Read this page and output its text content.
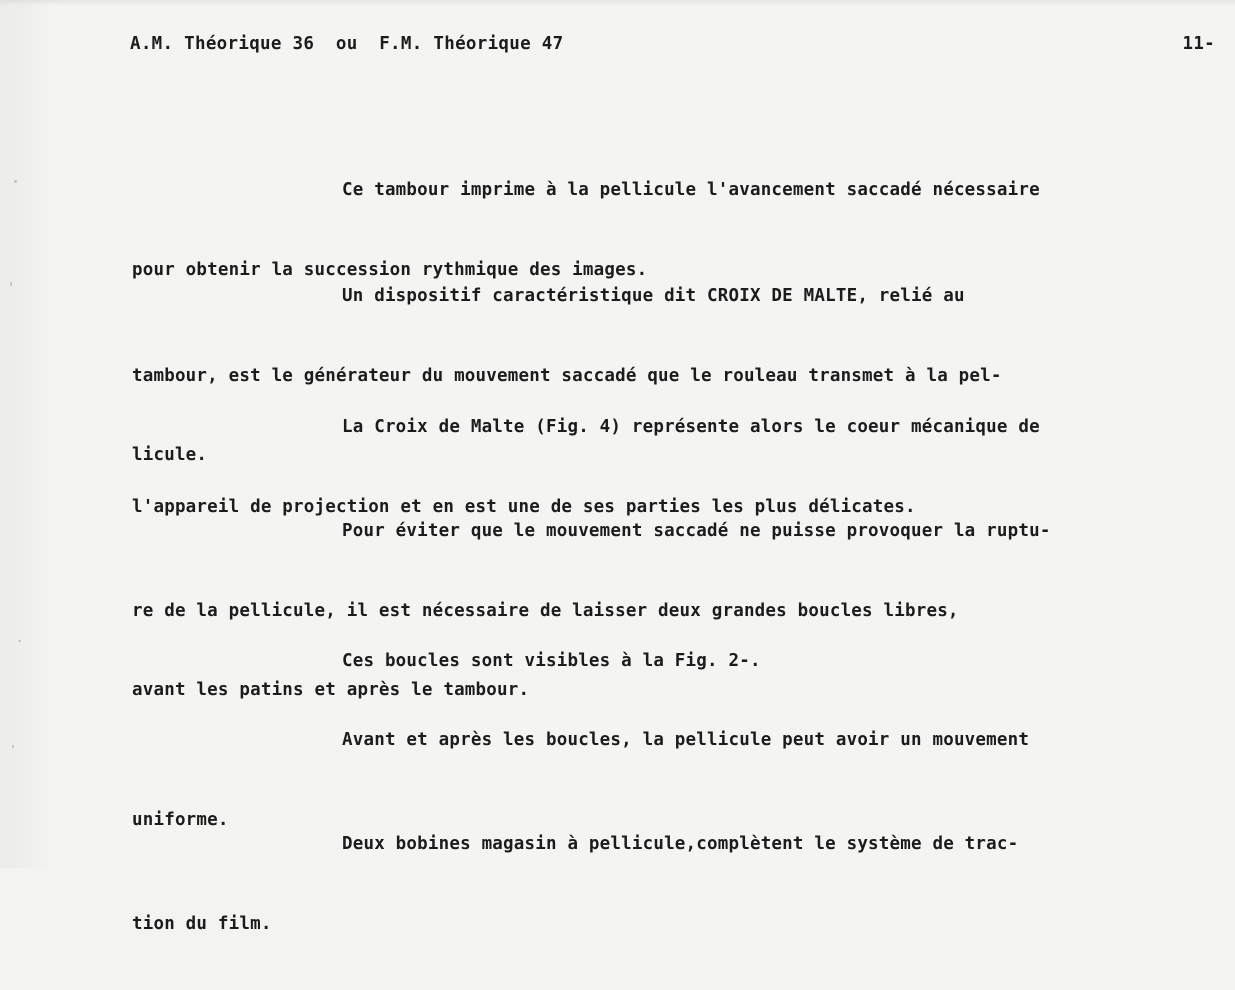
A.M. Théorique 36  ou  F.M. Théorique 47	11-

Ce tambour imprime à la pellicule l'avancement saccadé nécessaire

pour obtenir la succession rythmique des images.

Un dispositif caractéristique dit CROIX DE MALTE, relié au

tambour, est le générateur du mouvement saccadé que le rouleau transmet à la pel-

licule.

La Croix de Malte (Fig. 4) représente alors le coeur mécanique de

l'appareil de projection et en est une de ses parties les plus délicates.

Pour éviter que le mouvement saccadé ne puisse provoquer la ruptu-

re de la pellicule, il est nécessaire de laisser deux grandes boucles libres,

avant les patins et après le tambour.

Ces boucles sont visibles à la Fig. 2-.

Avant et après les boucles, la pellicule peut avoir un mouvement

uniforme.

Deux bobines magasin à pellicule,complètent le système de trac-

tion du film.
